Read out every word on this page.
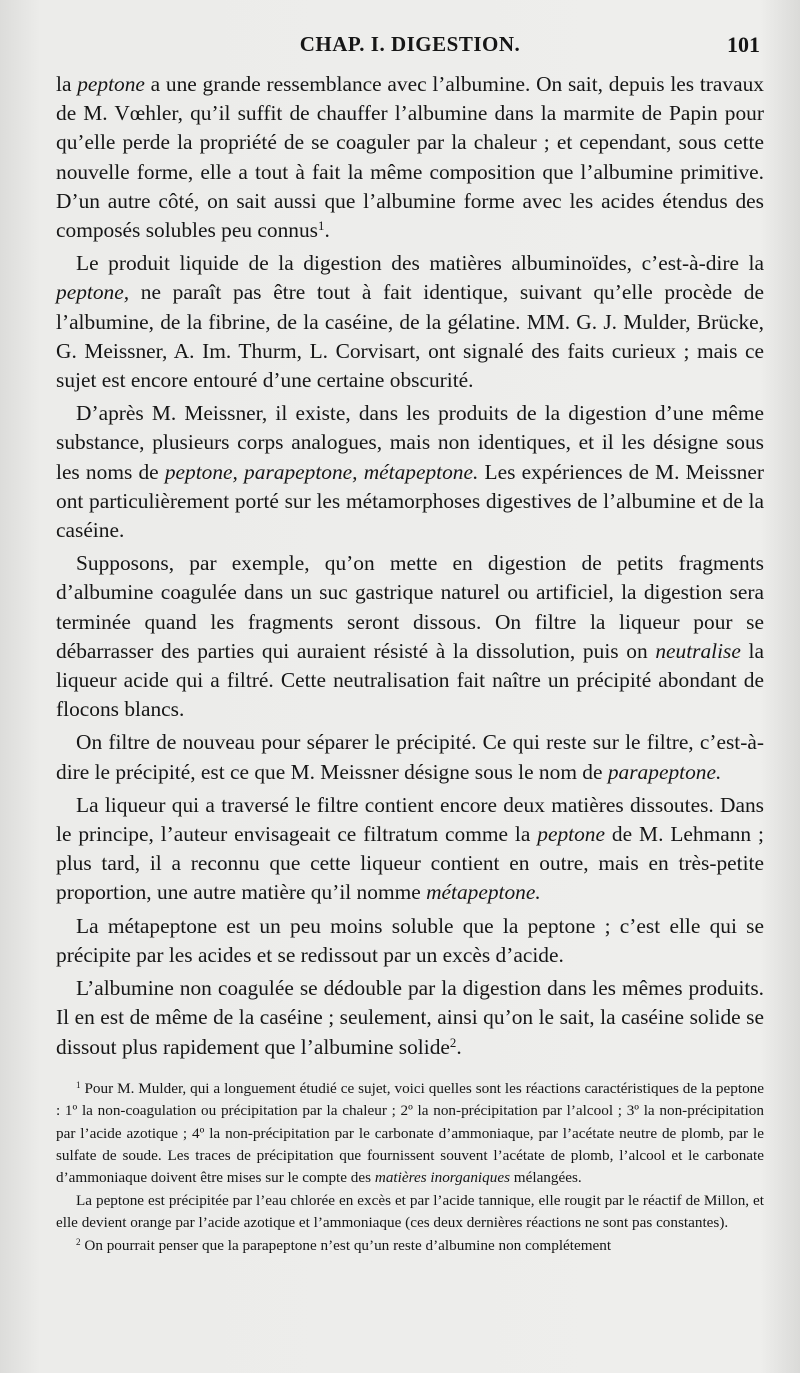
CHAP. I. DIGESTION.	101

la peptone a une grande ressemblance avec l’albumine. On sait, depuis les travaux de M. Vœhler, qu’il suffit de chauffer l’albumine dans la marmite de Papin pour qu’elle perde la propriété de se coaguler par la chaleur ; et cependant, sous cette nouvelle forme, elle a tout à fait la même composition que l’albumine primitive. D’un autre côté, on sait aussi que l’albumine forme avec les acides étendus des composés solubles peu connus$^1$.

Le produit liquide de la digestion des matières albuminoïdes, c’est-à-dire la peptone, ne paraît pas être tout à fait identique, suivant qu’elle procède de l’albumine, de la fibrine, de la caséine, de la gélatine. MM. G. J. Mulder, Brücke, G. Meissner, A. Im. Thurm, L. Corvisart, ont signalé des faits curieux ; mais ce sujet est encore entouré d’une certaine obscurité.

D’après M. Meissner, il existe, dans les produits de la digestion d’une même substance, plusieurs corps analogues, mais non identiques, et il les désigne sous les noms de peptone, parapeptone, métapeptone. Les expériences de M. Meissner ont particulièrement porté sur les métamorphoses digestives de l’albumine et de la caséine.

Supposons, par exemple, qu’on mette en digestion de petits fragments d’albumine coagulée dans un suc gastrique naturel ou artificiel, la digestion sera terminée quand les fragments seront dissous. On filtre la liqueur pour se débarrasser des parties qui auraient résisté à la dissolution, puis on neutralise la liqueur acide qui a filtré. Cette neutralisation fait naître un précipité abondant de flocons blancs.

On filtre de nouveau pour séparer le précipité. Ce qui reste sur le filtre, c’est-à-dire le précipité, est ce que M. Meissner désigne sous le nom de parapeptone.

La liqueur qui a traversé le filtre contient encore deux matières dissoutes. Dans le principe, l’auteur envisageait ce filtratum comme la peptone de M. Lehmann ; plus tard, il a reconnu que cette liqueur contient en outre, mais en très-petite proportion, une autre matière qu’il nomme métapeptone.

La métapeptone est un peu moins soluble que la peptone ; c’est elle qui se précipite par les acides et se redissout par un excès d’acide.

L’albumine non coagulée se dédouble par la digestion dans les mêmes produits. Il en est de même de la caséine ; seulement, ainsi qu’on le sait, la caséine solide se dissout plus rapidement que l’albumine solide$^2$.

$^1$ Pour M. Mulder, qui a longuement étudié ce sujet, voici quelles sont les réactions caractéristiques de la peptone : 1º la non-coagulation ou précipitation par la chaleur ; 2º la non-précipitation par l’alcool ; 3º la non-précipitation par l’acide azotique ; 4º la non-précipitation par le carbonate d’ammoniaque, par l’acétate neutre de plomb, par le sulfate de soude. Les traces de précipitation que fournissent souvent l’acétate de plomb, l’alcool et le carbonate d’ammoniaque doivent être mises sur le compte des matières inorganiques mélangées.

La peptone est précipitée par l’eau chlorée en excès et par l’acide tannique, elle rougit par le réactif de Millon, et elle devient orange par l’acide azotique et l’ammoniaque (ces deux dernières réactions ne sont pas constantes).

$^2$ On pourrait penser que la parapeptone n’est qu’un reste d’albumine non complétement
